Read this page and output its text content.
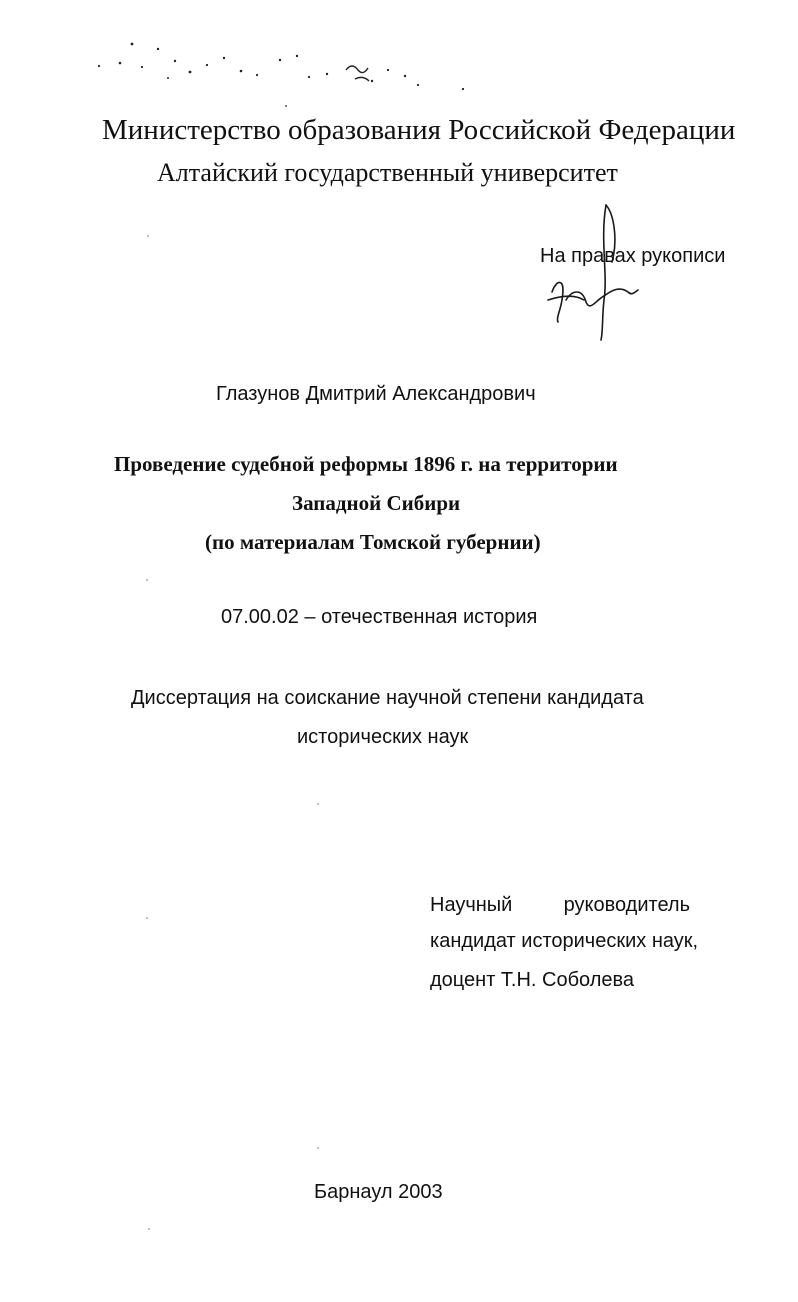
Министерство образования Российской Федерации
Алтайский государственный университет
На правах рукописи
Глазунов Дмитрий Александрович
Проведение судебной реформы 1896 г. на территории
Западной Сибири
(по материалам Томской губернии)
07.00.02 – отечественная история
Диссертация на соискание научной степени кандидата
исторических наук
Научный	руководитель
кандидат исторических наук,
доцент Т.Н. Соболева
Барнаул 2003
